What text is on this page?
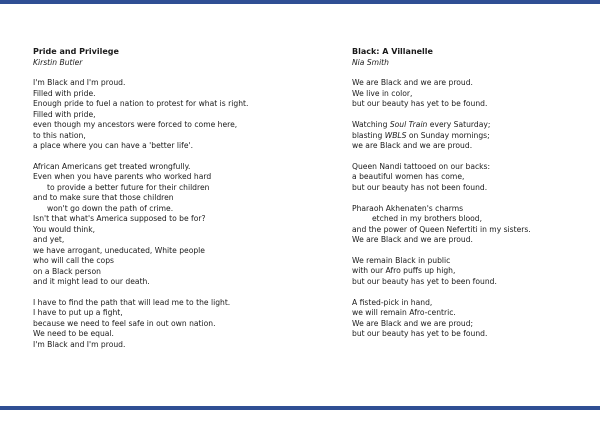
Pride and Privilege

Kirstin Butler

I'm Black and I'm proud.
Filled with pride.
Enough pride to fuel a nation to protest for what is right.
Filled with pride,
even though my ancestors were forced to come here,
to this nation,
a place where you can have a 'better life'.
African Americans get treated wrongfully.
Even when you have parents who worked hard
to provide a better future for their children
and to make sure that those children
won't go down the path of crime.
Isn't that what's America supposed to be for?
You would think,
and yet,
we have arrogant, uneducated, White people
who will call the cops
on a Black person
and it might lead to our death.
I have to find the path that will lead me to the light.
I have to put up a fight,
because we need to feel safe in out own nation.
We need to be equal.
I'm Black and I'm proud.

Black: A Villanelle

Nia Smith

We are Black and we are proud.
We live in color,
but our beauty has yet to be found.
Watching Soul Train every Saturday;
blasting WBLS on Sunday mornings;
we are Black and we are proud.
Queen Nandi tattooed on our backs:
a beautiful women has come,
but our beauty has not been found.
Pharaoh Akhenaten's charms
etched in my brothers blood,
and the power of Queen Nefertiti in my sisters.
We are Black and we are proud.
We remain Black in public
with our Afro puffs up high,
but our beauty has yet to been found.
A fisted-pick in hand,
we will remain Afro-centric.
We are Black and we are proud;
but our beauty has yet to be found.
